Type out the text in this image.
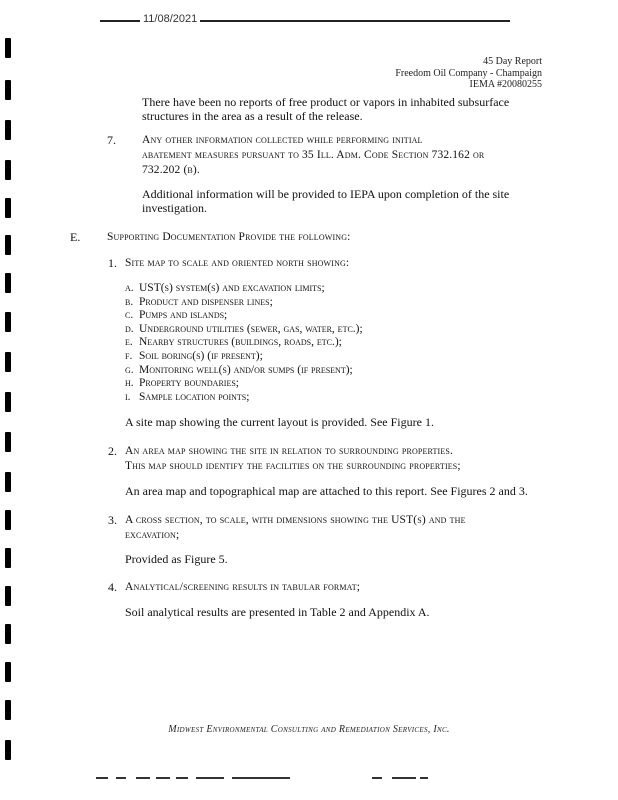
11/08/2021
45 Day Report
Freedom Oil Company - Champaign
IEMA #20080255
There have been no reports of free product or vapors in inhabited subsurface
structures in the area as a result of the release.
7. Any other information collected while performing initial
abatement measures pursuant to 35 Ill. Adm. Code Section 732.162 or
732.202 (b).
Additional information will be provided to IEPA upon completion of the site
investigation.
E. Supporting Documentation Provide the following:
1. Site map to scale and oriented north showing:
a. UST(s) system(s) and excavation limits;
b. Product and dispenser lines;
c. Pumps and islands;
d. Underground utilities (sewer, gas, water, etc.);
e. Nearby structures (buildings, roads, etc.);
f. Soil boring(s) (if present);
g. Monitoring well(s) and/or sumps (if present);
h. Property boundaries;
i. Sample location points;
A site map showing the current layout is provided. See Figure 1.
2. An area map showing the site in relation to surrounding properties.
This map should identify the facilities on the surrounding properties;
An area map and topographical map are attached to this report. See Figures 2 and 3.
3. A cross section, to scale, with dimensions showing the UST(s) and the
excavation;
Provided as Figure 5.
4. Analytical/screening results in tabular format;
Soil analytical results are presented in Table 2 and Appendix A.
Midwest Environmental Consulting and Remediation Services, Inc.
